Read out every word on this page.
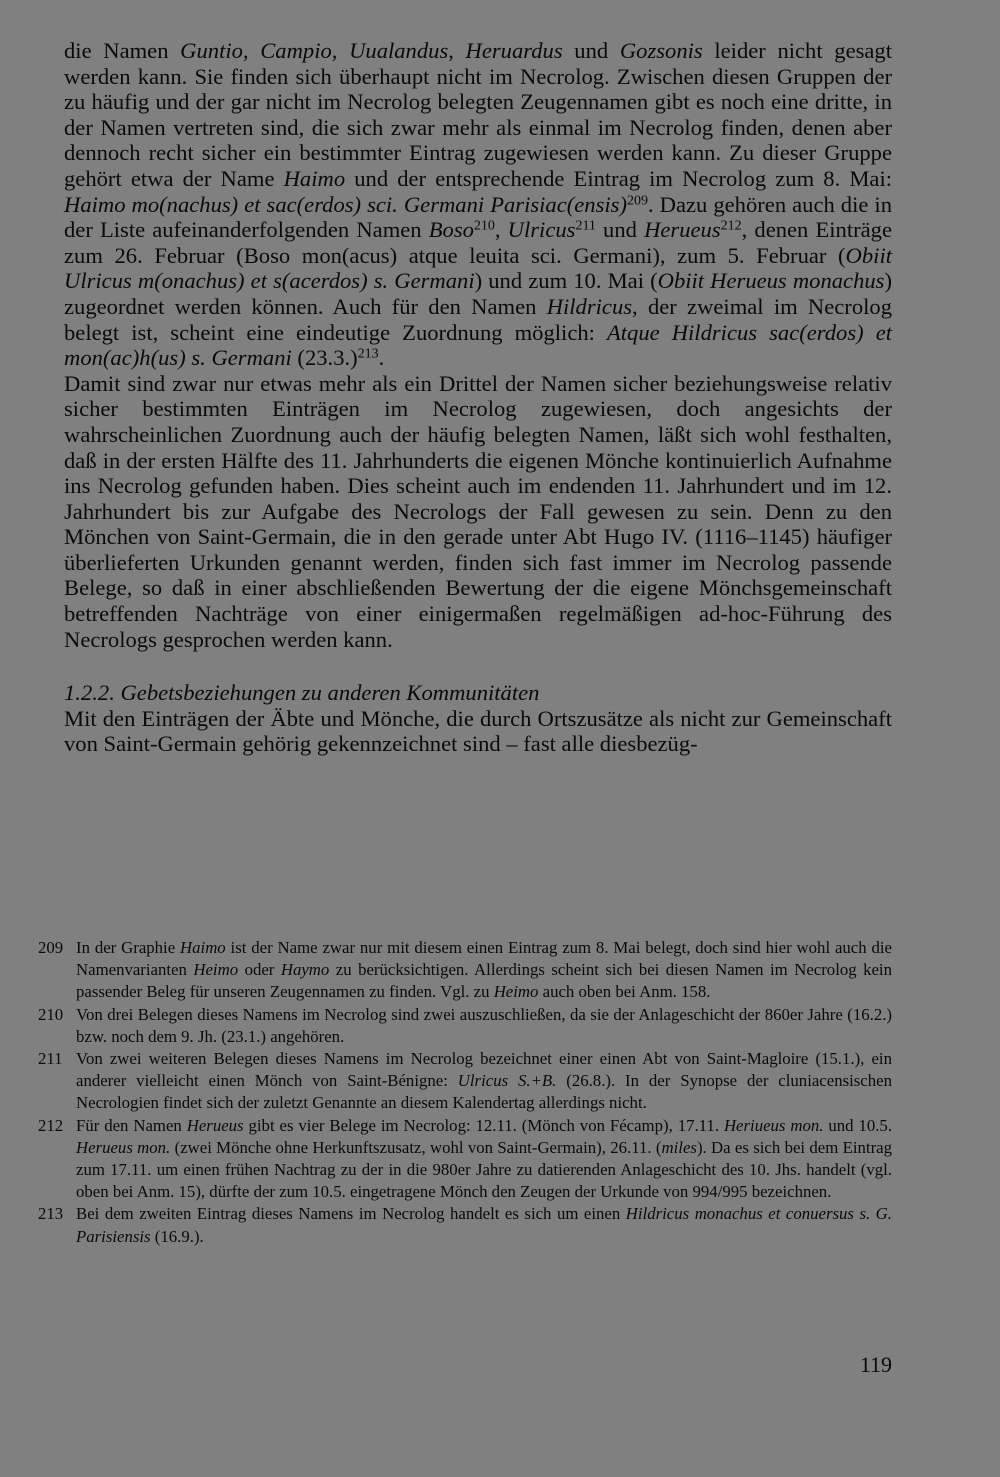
die Namen Guntio, Campio, Uualandus, Heruardus und Gozsonis leider nicht gesagt werden kann. Sie finden sich überhaupt nicht im Necrolog. Zwischen diesen Gruppen der zu häufig und der gar nicht im Necrolog belegten Zeugennamen gibt es noch eine dritte, in der Namen vertreten sind, die sich zwar mehr als einmal im Necrolog finden, denen aber dennoch recht sicher ein bestimmter Eintrag zugewiesen werden kann. Zu dieser Gruppe gehört etwa der Name Haimo und der entsprechende Eintrag im Necrolog zum 8. Mai: Haimo mo(nachus) et sac(erdos) sci. Germani Parisiac(ensis)$^{209}$. Dazu gehören auch die in der Liste aufeinanderfolgenden Namen Boso$^{210}$, Ulricus$^{211}$ und Herueus$^{212}$, denen Einträge zum 26. Februar (Boso mon(acus) atque leuita sci. Germani), zum 5. Februar (Obiit Ulricus m(onachus) et s(acerdos) s. Germani) und zum 10. Mai (Obiit Herueus monachus) zugeordnet werden können. Auch für den Namen Hildricus, der zweimal im Necrolog belegt ist, scheint eine eindeutige Zuordnung möglich: Atque Hildricus sac(erdos) et mon(ac)h(us) s. Germani $(23.3.)^{213}$.

Damit sind zwar nur etwas mehr als ein Drittel der Namen sicher beziehungsweise relativ sicher bestimmten Einträgen im Necrolog zugewiesen, doch angesichts der wahrscheinlichen Zuordnung auch der häufig belegten Namen, läßt sich wohl festhalten, daß in der ersten Hälfte des 11. Jahrhunderts die eigenen Mönche kontinuierlich Aufnahme ins Necrolog gefunden haben. Dies scheint auch im endenden 11. Jahrhundert und im 12. Jahrhundert bis zur Aufgabe des Necrologs der Fall gewesen zu sein. Denn zu den Mönchen von Saint-Germain, die in den gerade unter Abt Hugo IV. (1116–1145) häufiger überlieferten Urkunden genannt werden, finden sich fast immer im Necrolog passende Belege, so daß in einer abschließenden Bewertung der die eigene Mönchsgemeinschaft betreffenden Nachträge von einer einigermaßen regelmäßigen ad-hoc-Führung des Necrologs gesprochen werden kann.

1.2.2. Gebetsbeziehungen zu anderen Kommunitäten

Mit den Einträgen der Äbte und Mönche, die durch Ortszusätze als nicht zur Gemeinschaft von Saint-Germain gehörig gekennzeichnet sind – fast alle diesbezüg-

209 In der Graphie Haimo ist der Name zwar nur mit diesem einen Eintrag zum 8. Mai belegt, doch sind hier wohl auch die Namenvarianten Heimo oder Haymo zu berücksichtigen. Allerdings scheint sich bei diesen Namen im Necrolog kein passender Beleg für unseren Zeugennamen zu finden. Vgl. zu Heimo auch oben bei Anm. 158.
210 Von drei Belegen dieses Namens im Necrolog sind zwei auszuschließen, da sie der Anlageschicht der 860er Jahre (16.2.) bzw. noch dem 9. Jh. (23.1.) angehören.
211 Von zwei weiteren Belegen dieses Namens im Necrolog bezeichnet einer einen Abt von Saint-Magloire (15.1.), ein anderer vielleicht einen Mönch von Saint-Bénigne: Ulricus S.+B. (26.8.). In der Synopse der cluniacensischen Necrologien findet sich der zuletzt Genannte an diesem Kalendertag allerdings nicht.
212 Für den Namen Herueus gibt es vier Belege im Necrolog: 12.11. (Mönch von Fécamp), 17.11. Heriueus mon. und 10.5. Herueus mon. (zwei Mönche ohne Herkunftszusatz, wohl von Saint-Germain), 26.11. (miles). Da es sich bei dem Eintrag zum 17.11. um einen frühen Nachtrag zu der in die 980er Jahre zu datierenden Anlageschicht des 10. Jhs. handelt (vgl. oben bei Anm. 15), dürfte der zum 10.5. eingetragene Mönch den Zeugen der Urkunde von 994/995 bezeichnen.
213 Bei dem zweiten Eintrag dieses Namens im Necrolog handelt es sich um einen Hildricus monachus et conuersus s. G. Parisiensis (16.9.).
119
